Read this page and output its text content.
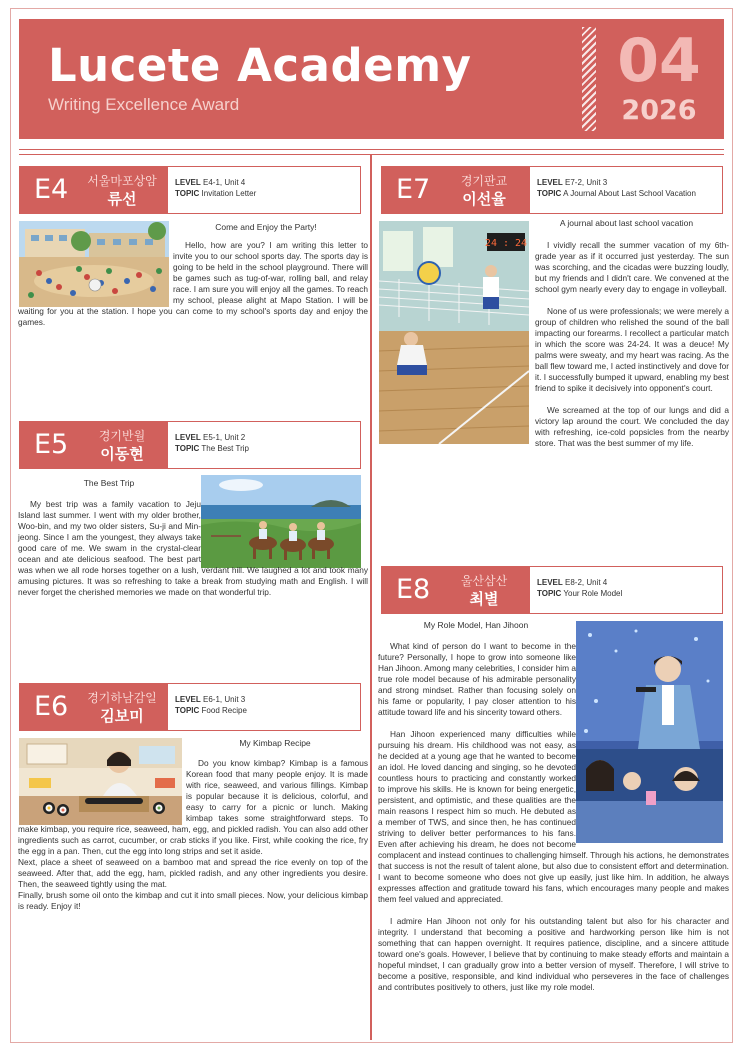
Lucete Academy
Writing Excellence Award
04
2026
E4	서울마포상암
류선
LEVEL E4-1, Unit 4
TOPIC Invitation Letter
Come and Enjoy the Party!

Hello, how are you? I am writing this letter to invite you to our school sports day. The sports day is going to be held in the school playground. There will be games such as tug-of-war, rolling ball, and relay race. I am sure you will enjoy all the games. To reach my school, please alight at Mapo Station. I will be waiting for you at the station. I hope you can come to my school's sports day and enjoy the games.

E5	경기반월
이동현
LEVEL E5-1, Unit 2
TOPIC The Best Trip
The Best Trip

My best trip was a family vacation to Jeju Island last summer. I went with my older brother, Woo-bin, and my two older sisters, Su-ji and Min-jeong. Since I am the youngest, they always take good care of me. We swam in the crystal-clear ocean and ate delicious seafood. The best part was when we all rode horses together on a lush, verdant hill. We laughed a lot and took many amusing pictures. It was so refreshing to take a break from studying math and English. I will never forget the cherished memories we made on that wonderful trip.

E6	경기하남감일
김보미
LEVEL E6-1, Unit 3
TOPIC Food Recipe
My Kimbap Recipe

Do you know kimbap? Kimbap is a famous Korean food that many people enjoy. It is made with rice, seaweed, and various fillings. Kimbap is popular because it is delicious, colorful, and easy to carry for a picnic or lunch. Making kimbap takes some straightforward steps. To make kimbap, you require rice, seaweed, ham, egg, and pickled radish. You can also add other ingredients such as carrot, cucumber, or crab sticks if you like. First, while cooking the rice, fry the egg in a pan. Then, cut the egg into long strips and set it aside.

Next, place a sheet of seaweed on a bamboo mat and spread the rice evenly on top of the seaweed. After that, add the egg, ham, pickled radish, and any other ingredients you desire. Then, the seaweed tightly using the mat.

Finally, brush some oil onto the kimbap and cut it into small pieces. Now, your delicious kimbap is ready. Enjoy it!

E7	경기판교
이선율
LEVEL E7-2, Unit 3
TOPIC A Journal About Last School Vacation
24 : 24
A journal about last school vacation

I vividly recall the summer vacation of my 6th-grade year as if it occurred just yesterday. The sun was scorching, and the cicadas were buzzing loudly, but my friends and I didn't care. We convened at the school gym nearly every day to engage in volleyball.

None of us were professionals; we were merely a group of children who relished the sound of the ball impacting our forearms. I recollect a particular match in which the score was 24-24. It was a deuce! My palms were sweaty, and my heart was racing. As the ball flew toward me, I acted instinctively and dove for it. I successfully bumped it upward, enabling my best friend to spike it decisively into opponent's court.

We screamed at the top of our lungs and did a victory lap around the court. We concluded the day with refreshing, ice-cold popsicles from the nearby store. That was the best summer of my life.

E8	울산삼산
최별
LEVEL E8-2, Unit 4
TOPIC Your Role Model
My Role Model, Han Jihoon

What kind of person do I want to become in the future? Personally, I hope to grow into someone like Han Jihoon. Among many celebrities, I consider him a true role model because of his admirable personality and strong mindset. Rather than focusing solely on his fame or popularity, I pay closer attention to his attitude toward life and his sincerity toward others.

Han Jihoon experienced many difficulties while pursuing his dream. His childhood was not easy, as he decided at a young age that he wanted to become an idol. He loved dancing and singing, so he devoted countless hours to practicing and constantly worked to improve his skills. He is known for being energetic, persistent, and optimistic, and these qualities are the main reasons I respect him so much. He debuted as a member of TWS, and since then, he has continued striving to deliver better performances to his fans. Even after achieving his dream, he does not become complacent and instead continues to challenging himself. Through his actions, he demonstrates that success is not the result of talent alone, but also due to consistent effort and determination. I want to become someone who does not give up easily, just like him. In addition, he always expresses affection and gratitude toward his fans, which encourages many people and makes them feel valued and appreciated.

I admire Han Jihoon not only for his outstanding talent but also for his character and integrity. I understand that becoming a positive and hardworking person like him is not something that can happen overnight. It requires patience, discipline, and a sincere attitude toward one's goals. However, I believe that by continuing to make steady efforts and maintain a hopeful mindset, I can gradually grow into a better version of myself. Therefore, I will strive to become a positive, responsible, and kind individual who perseveres in the face of challenges and contributes positively to others, just like my role model.
